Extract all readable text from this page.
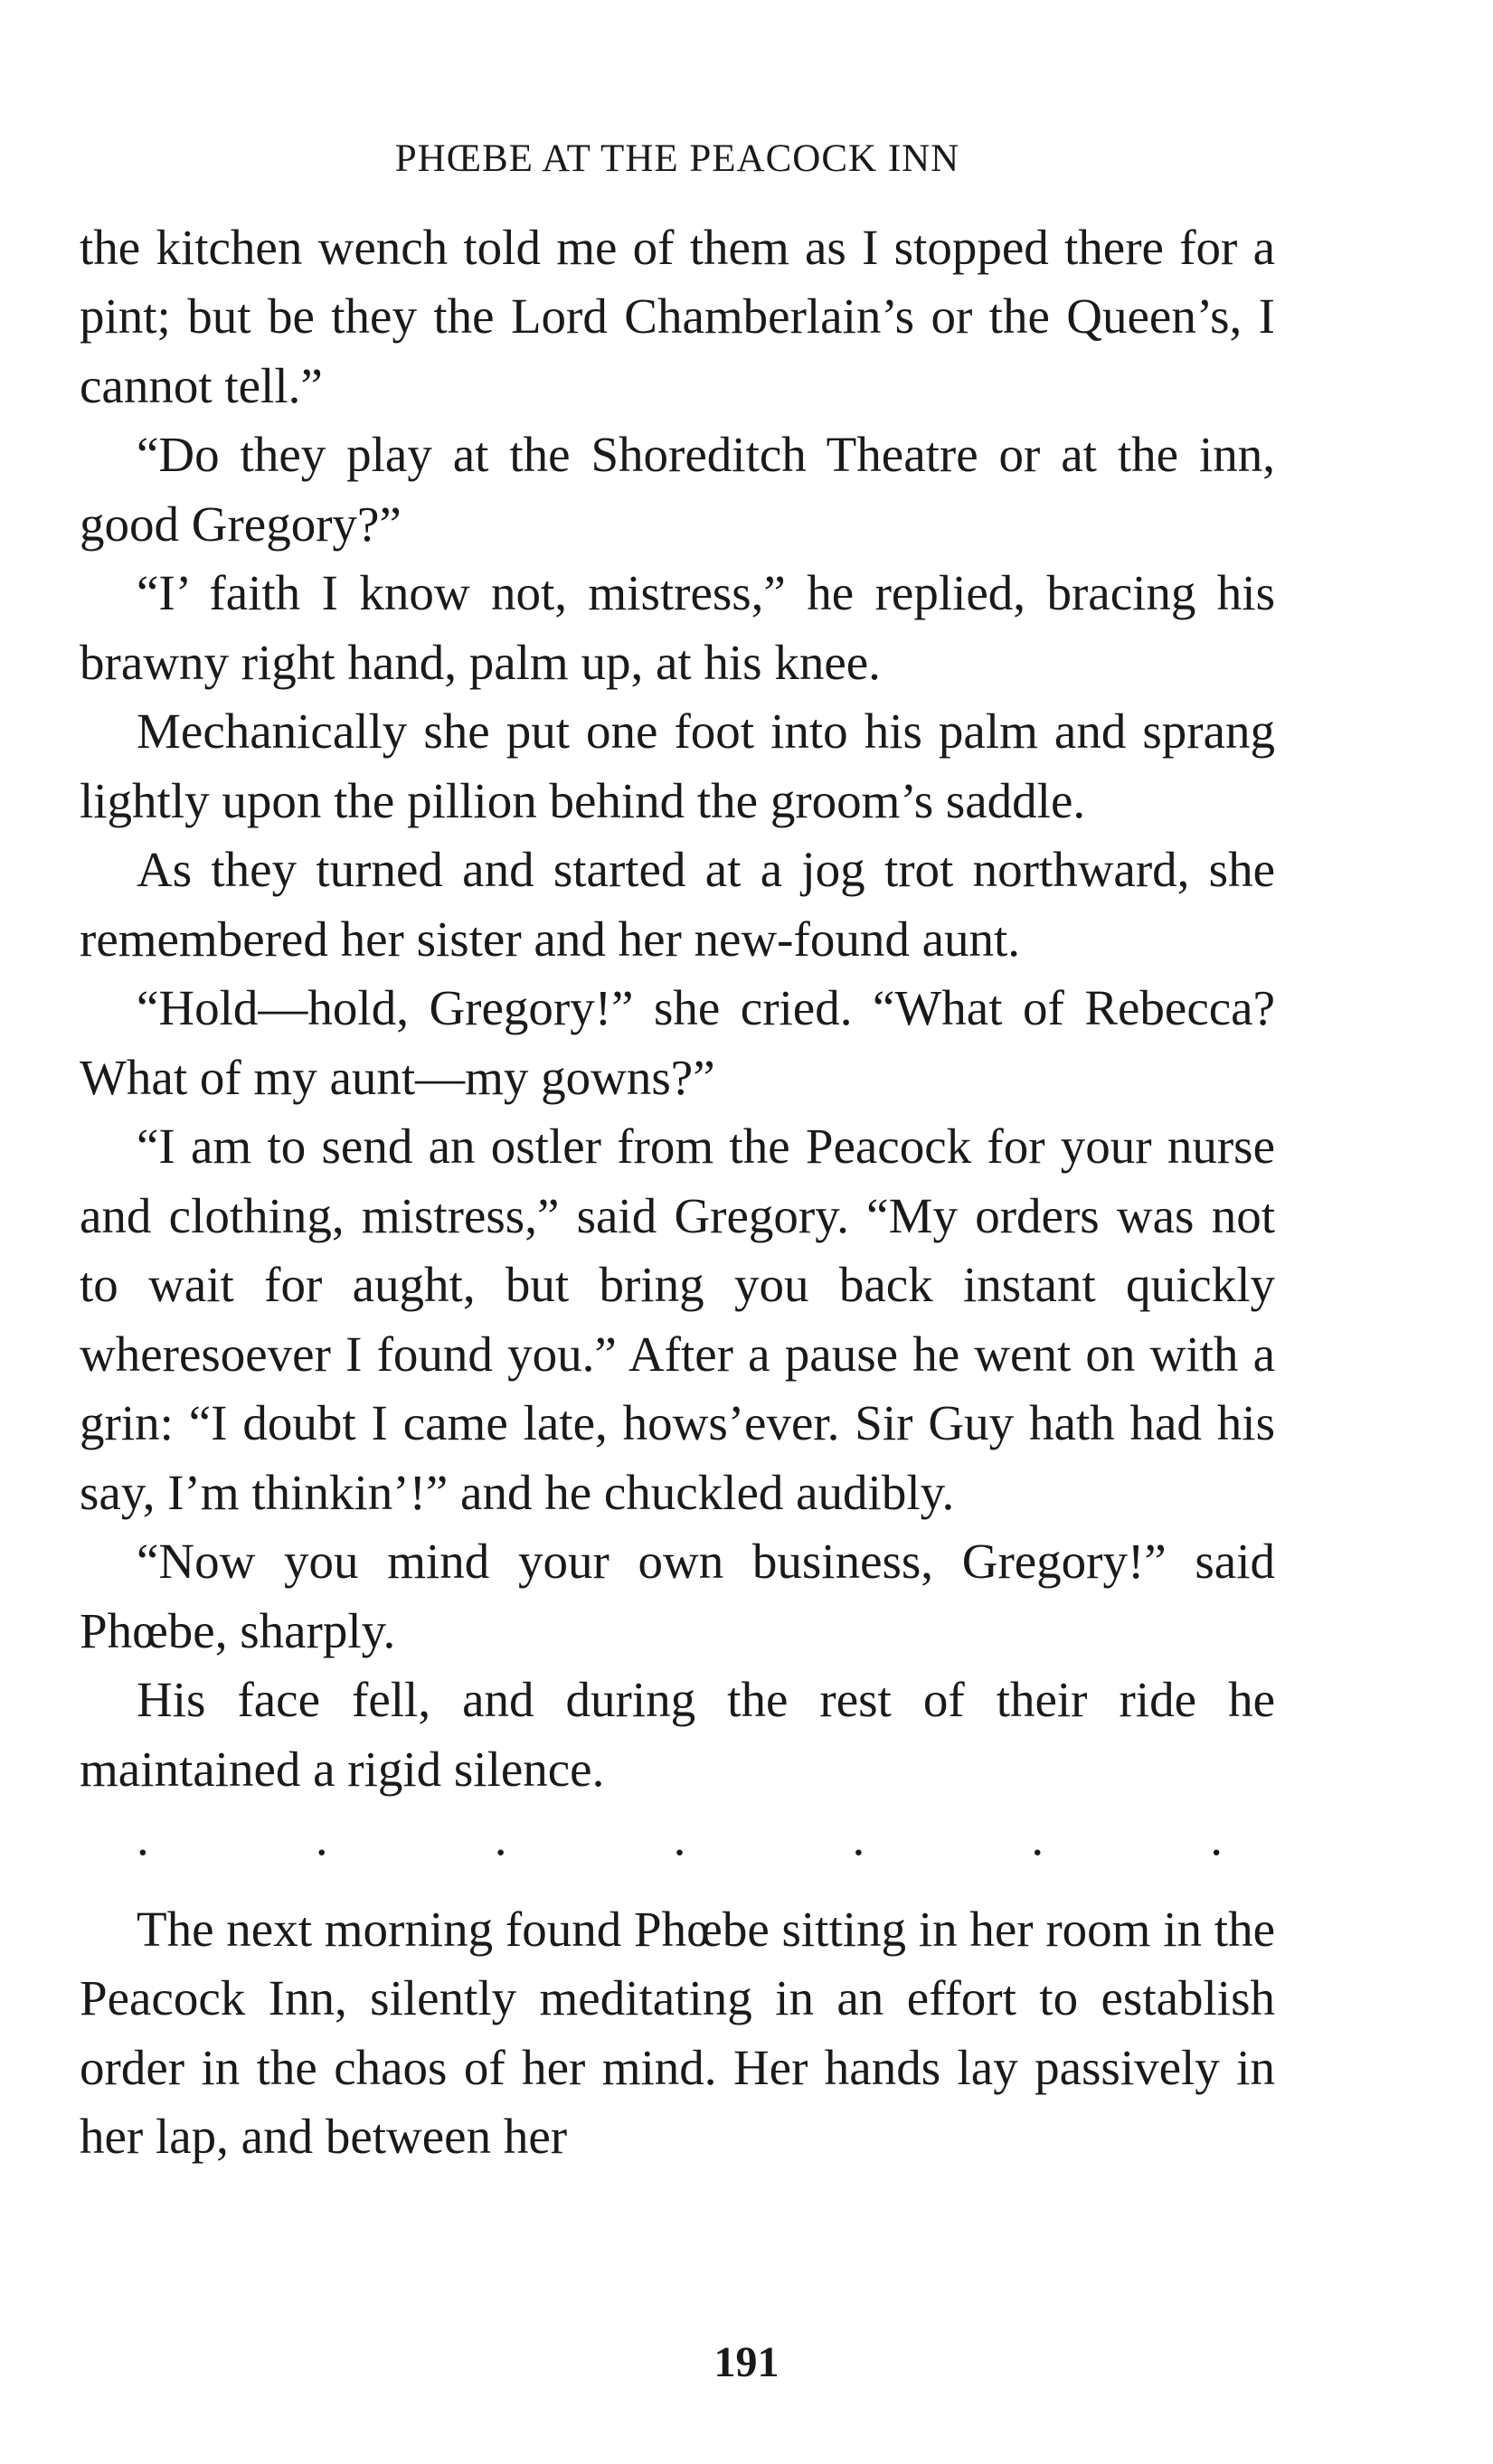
PHŒBE AT THE PEACOCK INN

the kitchen wench told me of them as I stopped there for a pint; but be they the Lord Chamberlain’s or the Queen’s, I cannot tell.”

“Do they play at the Shoreditch Theatre or at the inn, good Gregory?”

“I’ faith I know not, mistress,” he replied, bracing his brawny right hand, palm up, at his knee.

Mechanically she put one foot into his palm and sprang lightly upon the pillion behind the groom’s saddle.

As they turned and started at a jog trot northward, she remembered her sister and her new-found aunt.

“Hold—hold, Gregory!” she cried. “What of Rebecca? What of my aunt—my gowns?”

“I am to send an ostler from the Peacock for your nurse and clothing, mistress,” said Gregory. “My orders was not to wait for aught, but bring you back instant quickly wheresoever I found you.” After a pause he went on with a grin: “I doubt I came late, hows’ever. Sir Guy hath had his say, I’m thinkin’!” and he chuckled audibly.

“Now you mind your own business, Gregory!” said Phœbe, sharply.

His face fell, and during the rest of their ride he maintained a rigid silence.

.	.	.	.	.	.	.

The next morning found Phœbe sitting in her room in the Peacock Inn, silently meditating in an effort to establish order in the chaos of her mind. Her hands lay passively in her lap, and between her

191
